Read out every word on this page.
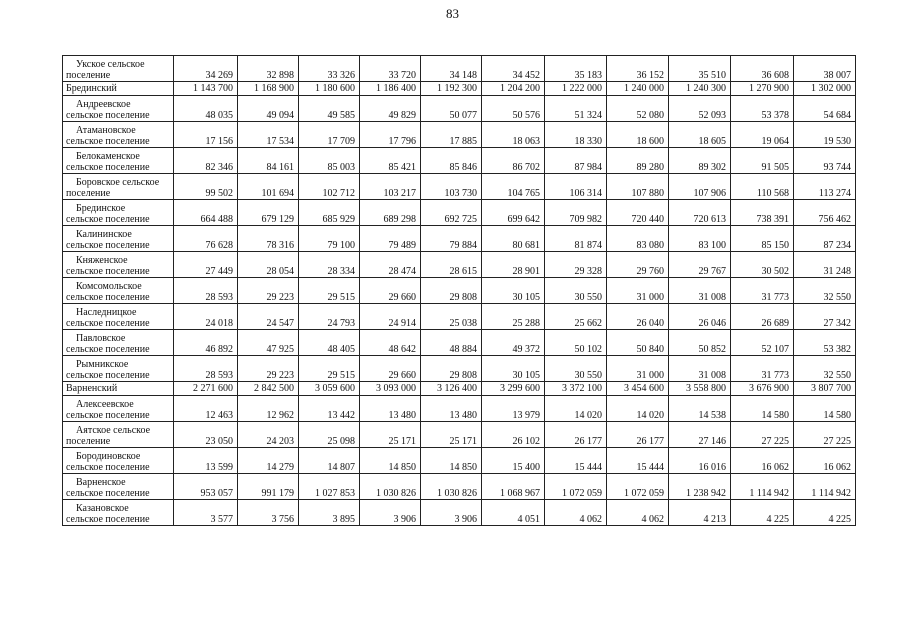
83
Укское сельское
поселение	34 269	32 898	33 326	33 720	34 148	34 452	35 183	36 152	35 510	36 608	38 007

Брединский	1 143 700	1 168 900	1 180 600	1 186 400	1 192 300	1 204 200	1 222 000	1 240 000	1 240 300	1 270 900	1 302 000

Андреевское
сельское поселение	48 035	49 094	49 585	49 829	50 077	50 576	51 324	52 080	52 093	53 378	54 684

Атамановское
сельское поселение	17 156	17 534	17 709	17 796	17 885	18 063	18 330	18 600	18 605	19 064	19 530

Белокаменское
сельское поселение	82 346	84 161	85 003	85 421	85 846	86 702	87 984	89 280	89 302	91 505	93 744

Боровское сельское
поселение	99 502	101 694	102 712	103 217	103 730	104 765	106 314	107 880	107 906	110 568	113 274

Брединское
сельское поселение	664 488	679 129	685 929	689 298	692 725	699 642	709 982	720 440	720 613	738 391	756 462

Калининское
сельское поселение	76 628	78 316	79 100	79 489	79 884	80 681	81 874	83 080	83 100	85 150	87 234

Княженское
сельское поселение	27 449	28 054	28 334	28 474	28 615	28 901	29 328	29 760	29 767	30 502	31 248

Комсомольское
сельское поселение	28 593	29 223	29 515	29 660	29 808	30 105	30 550	31 000	31 008	31 773	32 550

Наследницкое
сельское поселение	24 018	24 547	24 793	24 914	25 038	25 288	25 662	26 040	26 046	26 689	27 342

Павловское
сельское поселение	46 892	47 925	48 405	48 642	48 884	49 372	50 102	50 840	50 852	52 107	53 382

Рымникское
сельское поселение	28 593	29 223	29 515	29 660	29 808	30 105	30 550	31 000	31 008	31 773	32 550

Варненский	2 271 600	2 842 500	3 059 600	3 093 000	3 126 400	3 299 600	3 372 100	3 454 600	3 558 800	3 676 900	3 807 700

Алексеевское
сельское поселение	12 463	12 962	13 442	13 480	13 480	13 979	14 020	14 020	14 538	14 580	14 580

Аятское сельское
поселение	23 050	24 203	25 098	25 171	25 171	26 102	26 177	26 177	27 146	27 225	27 225

Бородиновское
сельское поселение	13 599	14 279	14 807	14 850	14 850	15 400	15 444	15 444	16 016	16 062	16 062

Варненское
сельское поселение	953 057	991 179	1 027 853	1 030 826	1 030 826	1 068 967	1 072 059	1 072 059	1 238 942	1 114 942	1 114 942

Казановское
сельское поселение	3 577	3 756	3 895	3 906	3 906	4 051	4 062	4 062	4 213	4 225	4 225
